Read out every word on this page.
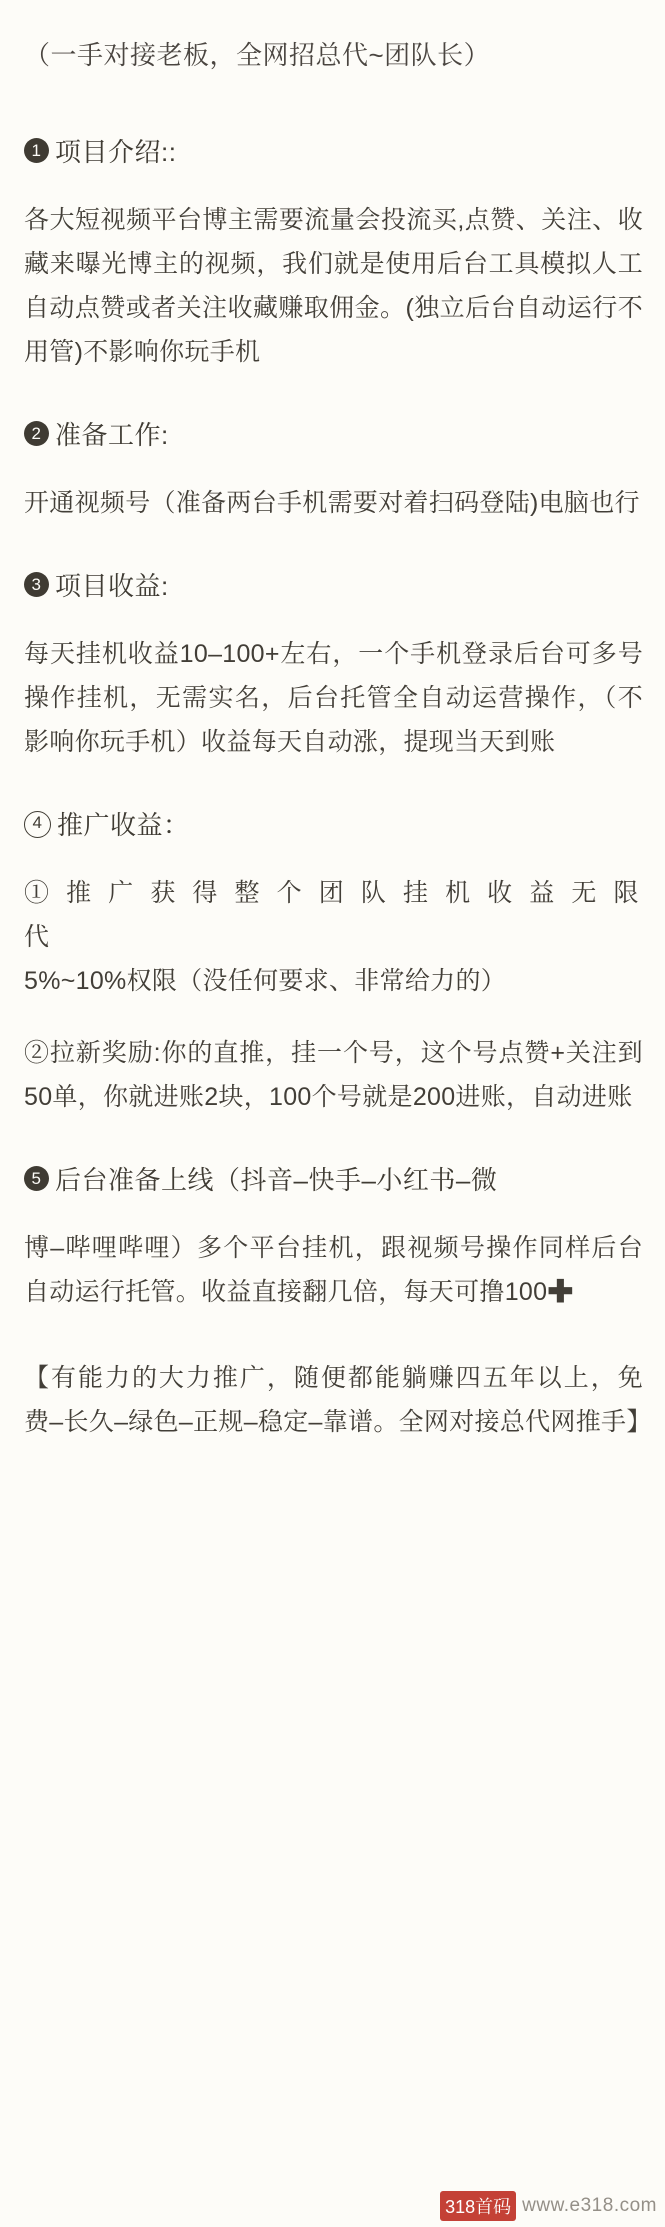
（一手对接老板，全网招总代~团队长）
1 项目介绍::

各大短视频平台博主需要流量会投流买,点赞、关注、收藏来曝光博主的视频，我们就是使用后台工具模拟人工自动点赞或者关注收藏赚取佣金。(独立后台自动运行不用管)不影响你玩手机

2 准备工作:

开通视频号（准备两台手机需要对着扫码登陆)电脑也行

3 项目收益:

每天挂机收益10–100+左右，一个手机登录后台可多号操作挂机，无需实名，后台托管全自动运营操作，（不影响你玩手机）收益每天自动涨，提现当天到账

4 推广收益：

① 推 广 获 得 整 个 团 队 挂 机 收 益 无 限 代

5%~10%权限（没任何要求、非常给力的）

②拉新奖励:你的直推，挂一个号，这个号点赞+关注到50单，你就进账2块，100个号就是200进账，自动进账

5 后台准备上线（抖音–快手–小红书–微

博–哔哩哔哩）多个平台挂机，跟视频号操作同样后台自动运行托管。收益直接翻几倍，每天可撸100✚

【有能力的大力推广，随便都能躺赚四五年以上，免费–长久–绿色–正规–稳定–靠谱。全网对接总代网推手】

318首码 www.e318.com
